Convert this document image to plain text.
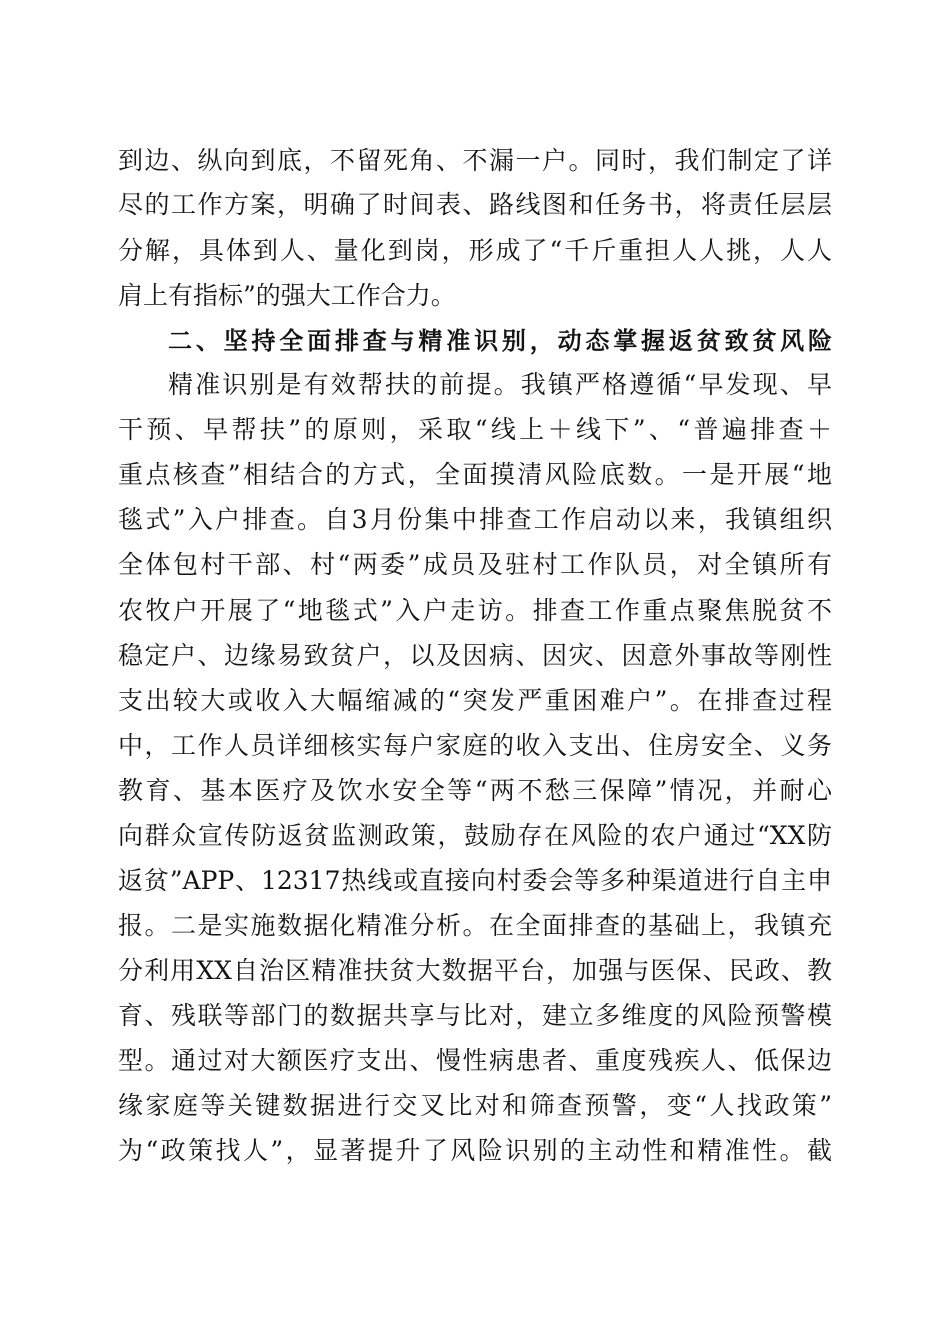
到边、纵向到底，不留死角、不漏一户。同时，我们制定了详
尽的工作方案，明确了时间表、路线图和任务书，将责任层层
分解，具体到人、量化到岗，形成了“千斤重担人人挑，人人
肩上有指标”的强大工作合力。
二、坚持全面排查与精准识别，动态掌握返贫致贫风险
精准识别是有效帮扶的前提。我镇严格遵循“早发现、早
干预、早帮扶”的原则，采取“线上＋线下”、“普遍排查＋
重点核查”相结合的方式，全面摸清风险底数。一是开展“地
毯式”入户排查。自3月份集中排查工作启动以来，我镇组织
全体包村干部、村“两委”成员及驻村工作队员，对全镇所有
农牧户开展了“地毯式”入户走访。排查工作重点聚焦脱贫不
稳定户、边缘易致贫户，以及因病、因灾、因意外事故等刚性
支出较大或收入大幅缩减的“突发严重困难户”。在排查过程
中，工作人员详细核实每户家庭的收入支出、住房安全、义务
教育、基本医疗及饮水安全等“两不愁三保障”情况，并耐心
向群众宣传防返贫监测政策，鼓励存在风险的农户通过“XX防
返贫”APP、12317热线或直接向村委会等多种渠道进行自主申
报。二是实施数据化精准分析。在全面排查的基础上，我镇充
分利用XX自治区精准扶贫大数据平台，加强与医保、民政、教
育、残联等部门的数据共享与比对，建立多维度的风险预警模
型。通过对大额医疗支出、慢性病患者、重度残疾人、低保边
缘家庭等关键数据进行交叉比对和筛查预警，变“人找政策”
为“政策找人”，显著提升了风险识别的主动性和精准性。截
